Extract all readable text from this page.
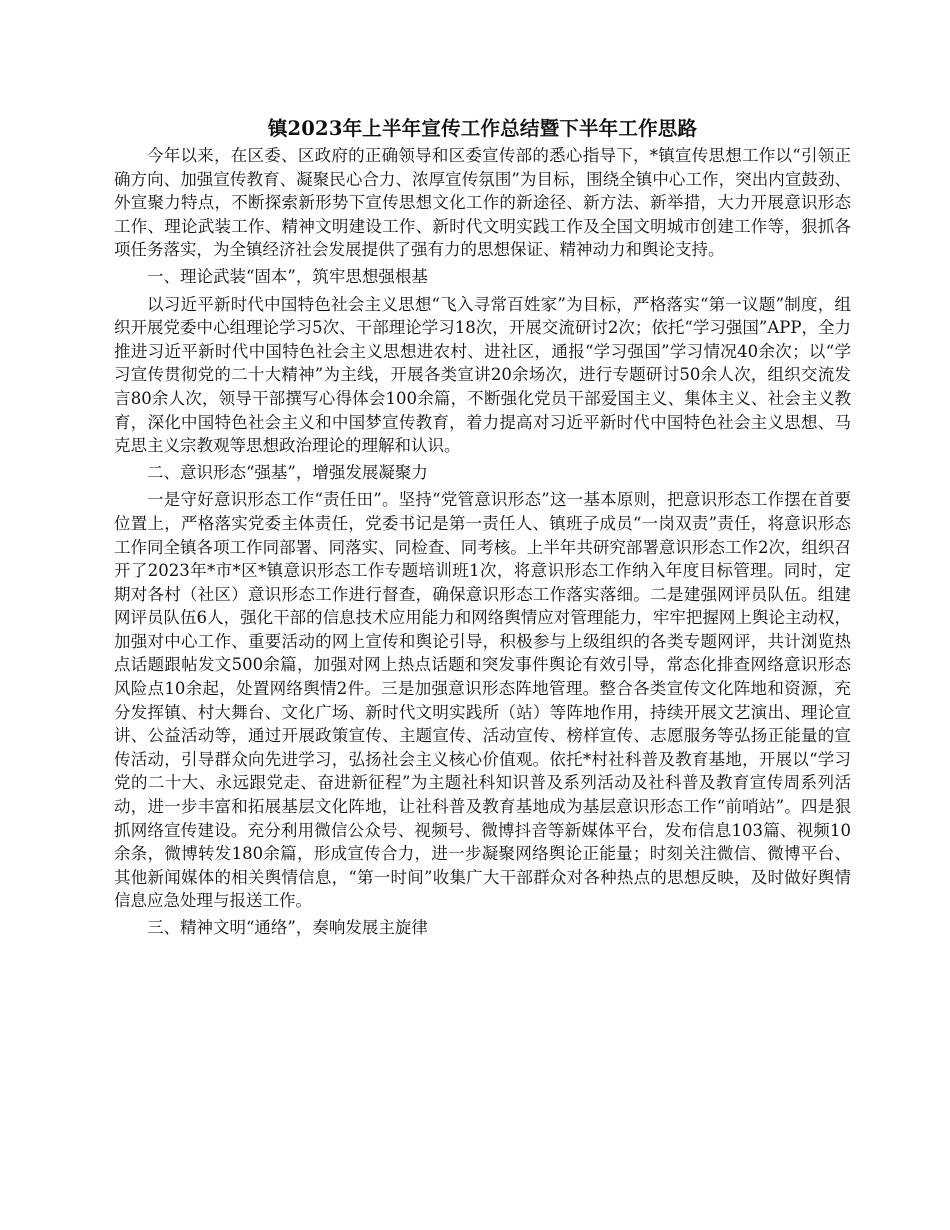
镇2023年上半年宣传工作总结暨下半年工作思路

今年以来，在区委、区政府的正确领导和区委宣传部的悉心指导下，*镇宣传思想工作以“引领正确方向、加强宣传教育、凝聚民心合力、浓厚宣传氛围”为目标，围绕全镇中心工作，突出内宣鼓劲、外宣聚力特点，不断探索新形势下宣传思想文化工作的新途径、新方法、新举措，大力开展意识形态工作、理论武装工作、精神文明建设工作、新时代文明实践工作及全国文明城市创建工作等，狠抓各项任务落实，为全镇经济社会发展提供了强有力的思想保证、精神动力和舆论支持。

一、理论武装“固本”，筑牢思想强根基

以习近平新时代中国特色社会主义思想“飞入寻常百姓家”为目标，严格落实“第一议题”制度，组织开展党委中心组理论学习5次、干部理论学习18次，开展交流研讨2次；依托“学习强国”APP，全力推进习近平新时代中国特色社会主义思想进农村、进社区，通报“学习强国”学习情况40余次；以“学习宣传贯彻党的二十大精神”为主线，开展各类宣讲20余场次，进行专题研讨50余人次，组织交流发言80余人次，领导干部撰写心得体会100余篇，不断强化党员干部爱国主义、集体主义、社会主义教育，深化中国特色社会主义和中国梦宣传教育，着力提高对习近平新时代中国特色社会主义思想、马克思主义宗教观等思想政治理论的理解和认识。

二、意识形态“强基”，增强发展凝聚力

一是守好意识形态工作“责任田”。坚持“党管意识形态”这一基本原则，把意识形态工作摆在首要位置上，严格落实党委主体责任，党委书记是第一责任人、镇班子成员“一岗双责”责任，将意识形态工作同全镇各项工作同部署、同落实、同检查、同考核。上半年共研究部署意识形态工作2次，组织召开了2023年*市*区*镇意识形态工作专题培训班1次，将意识形态工作纳入年度目标管理。同时，定期对各村（社区）意识形态工作进行督查，确保意识形态工作落实落细。二是建强网评员队伍。组建网评员队伍6人，强化干部的信息技术应用能力和网络舆情应对管理能力，牢牢把握网上舆论主动权，加强对中心工作、重要活动的网上宣传和舆论引导，积极参与上级组织的各类专题网评，共计浏览热点话题跟帖发文500余篇，加强对网上热点话题和突发事件舆论有效引导，常态化排查网络意识形态风险点10余起，处置网络舆情2件。三是加强意识形态阵地管理。整合各类宣传文化阵地和资源，充分发挥镇、村大舞台、文化广场、新时代文明实践所（站）等阵地作用，持续开展文艺演出、理论宣讲、公益活动等，通过开展政策宣传、主题宣传、活动宣传、榜样宣传、志愿服务等弘扬正能量的宣传活动，引导群众向先进学习，弘扬社会主义核心价值观。依托*村社科普及教育基地，开展以“学习党的二十大、永远跟党走、奋进新征程”为主题社科知识普及系列活动及社科普及教育宣传周系列活动，进一步丰富和拓展基层文化阵地，让社科普及教育基地成为基层意识形态工作“前哨站”。四是狠抓网络宣传建设。充分利用微信公众号、视频号、微博抖音等新媒体平台，发布信息103篇、视频10余条，微博转发180余篇，形成宣传合力，进一步凝聚网络舆论正能量；时刻关注微信、微博平台、其他新闻媒体的相关舆情信息，“第一时间”收集广大干部群众对各种热点的思想反映，及时做好舆情信息应急处理与报送工作。

三、精神文明“通络”，奏响发展主旋律
